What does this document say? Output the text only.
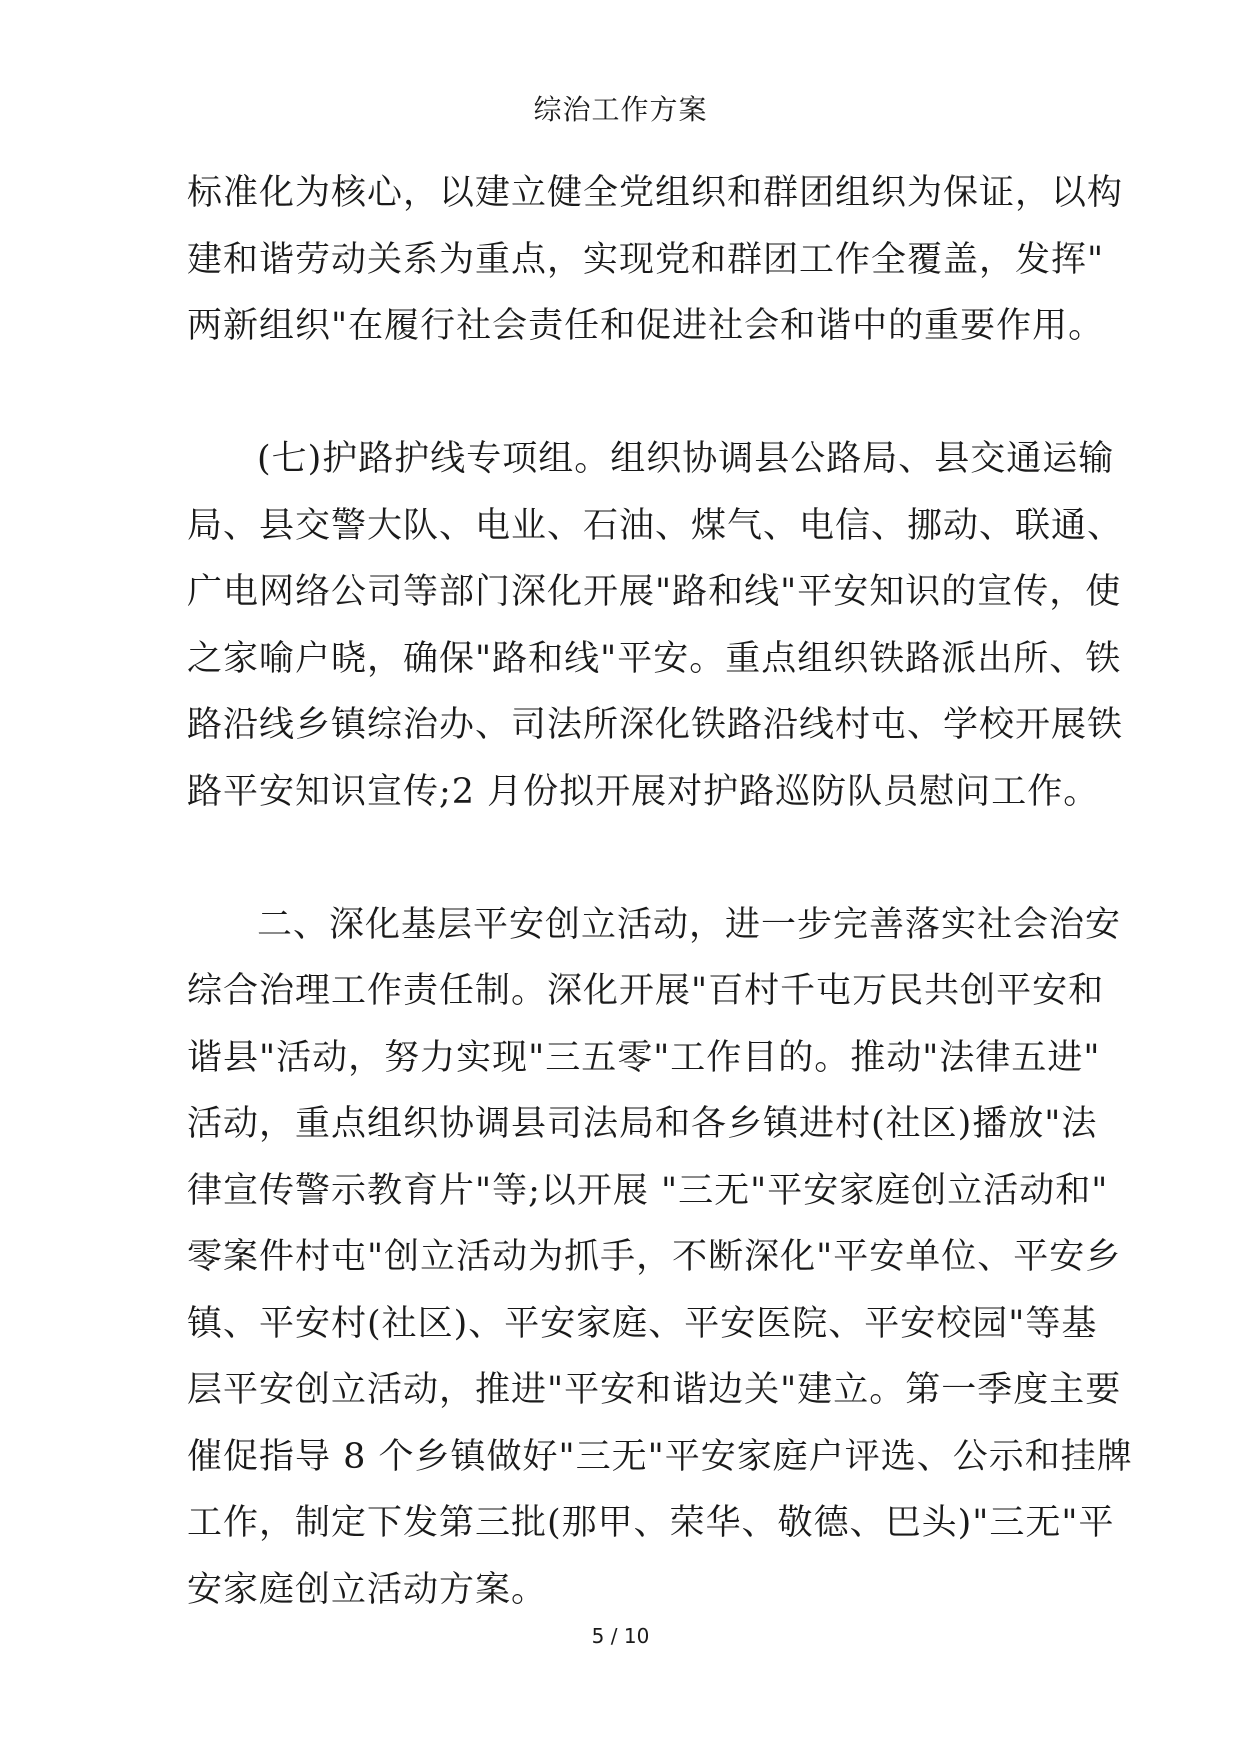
综治工作方案
标准化为核心，以建立健全党组织和群团组织为保证，以构
建和谐劳动关系为重点，实现党和群团工作全覆盖，发挥"
两新组织"在履行社会责任和促进社会和谐中的重要作用。
(七)护路护线专项组。组织协调县公路局、县交通运输
局、县交警大队、电业、石油、煤气、电信、挪动、联通、
广电网络公司等部门深化开展"路和线"平安知识的宣传，使
之家喻户晓，确保"路和线"平安。重点组织铁路派出所、铁
路沿线乡镇综治办、司法所深化铁路沿线村屯、学校开展铁
路平安知识宣传;2 月份拟开展对护路巡防队员慰问工作。
二、深化基层平安创立活动，进一步完善落实社会治安
综合治理工作责任制。深化开展"百村千屯万民共创平安和
谐县"活动，努力实现"三五零"工作目的。推动"法律五进"
活动，重点组织协调县司法局和各乡镇进村(社区)播放"法
律宣传警示教育片"等;以开展 "三无"平安家庭创立活动和"
零案件村屯"创立活动为抓手，不断深化"平安单位、平安乡
镇、平安村(社区)、平安家庭、平安医院、平安校园"等基
层平安创立活动，推进"平安和谐边关"建立。第一季度主要
催促指导 8 个乡镇做好"三无"平安家庭户评选、公示和挂牌
工作，制定下发第三批(那甲、荣华、敬德、巴头)"三无"平
安家庭创立活动方案。
5 / 10
